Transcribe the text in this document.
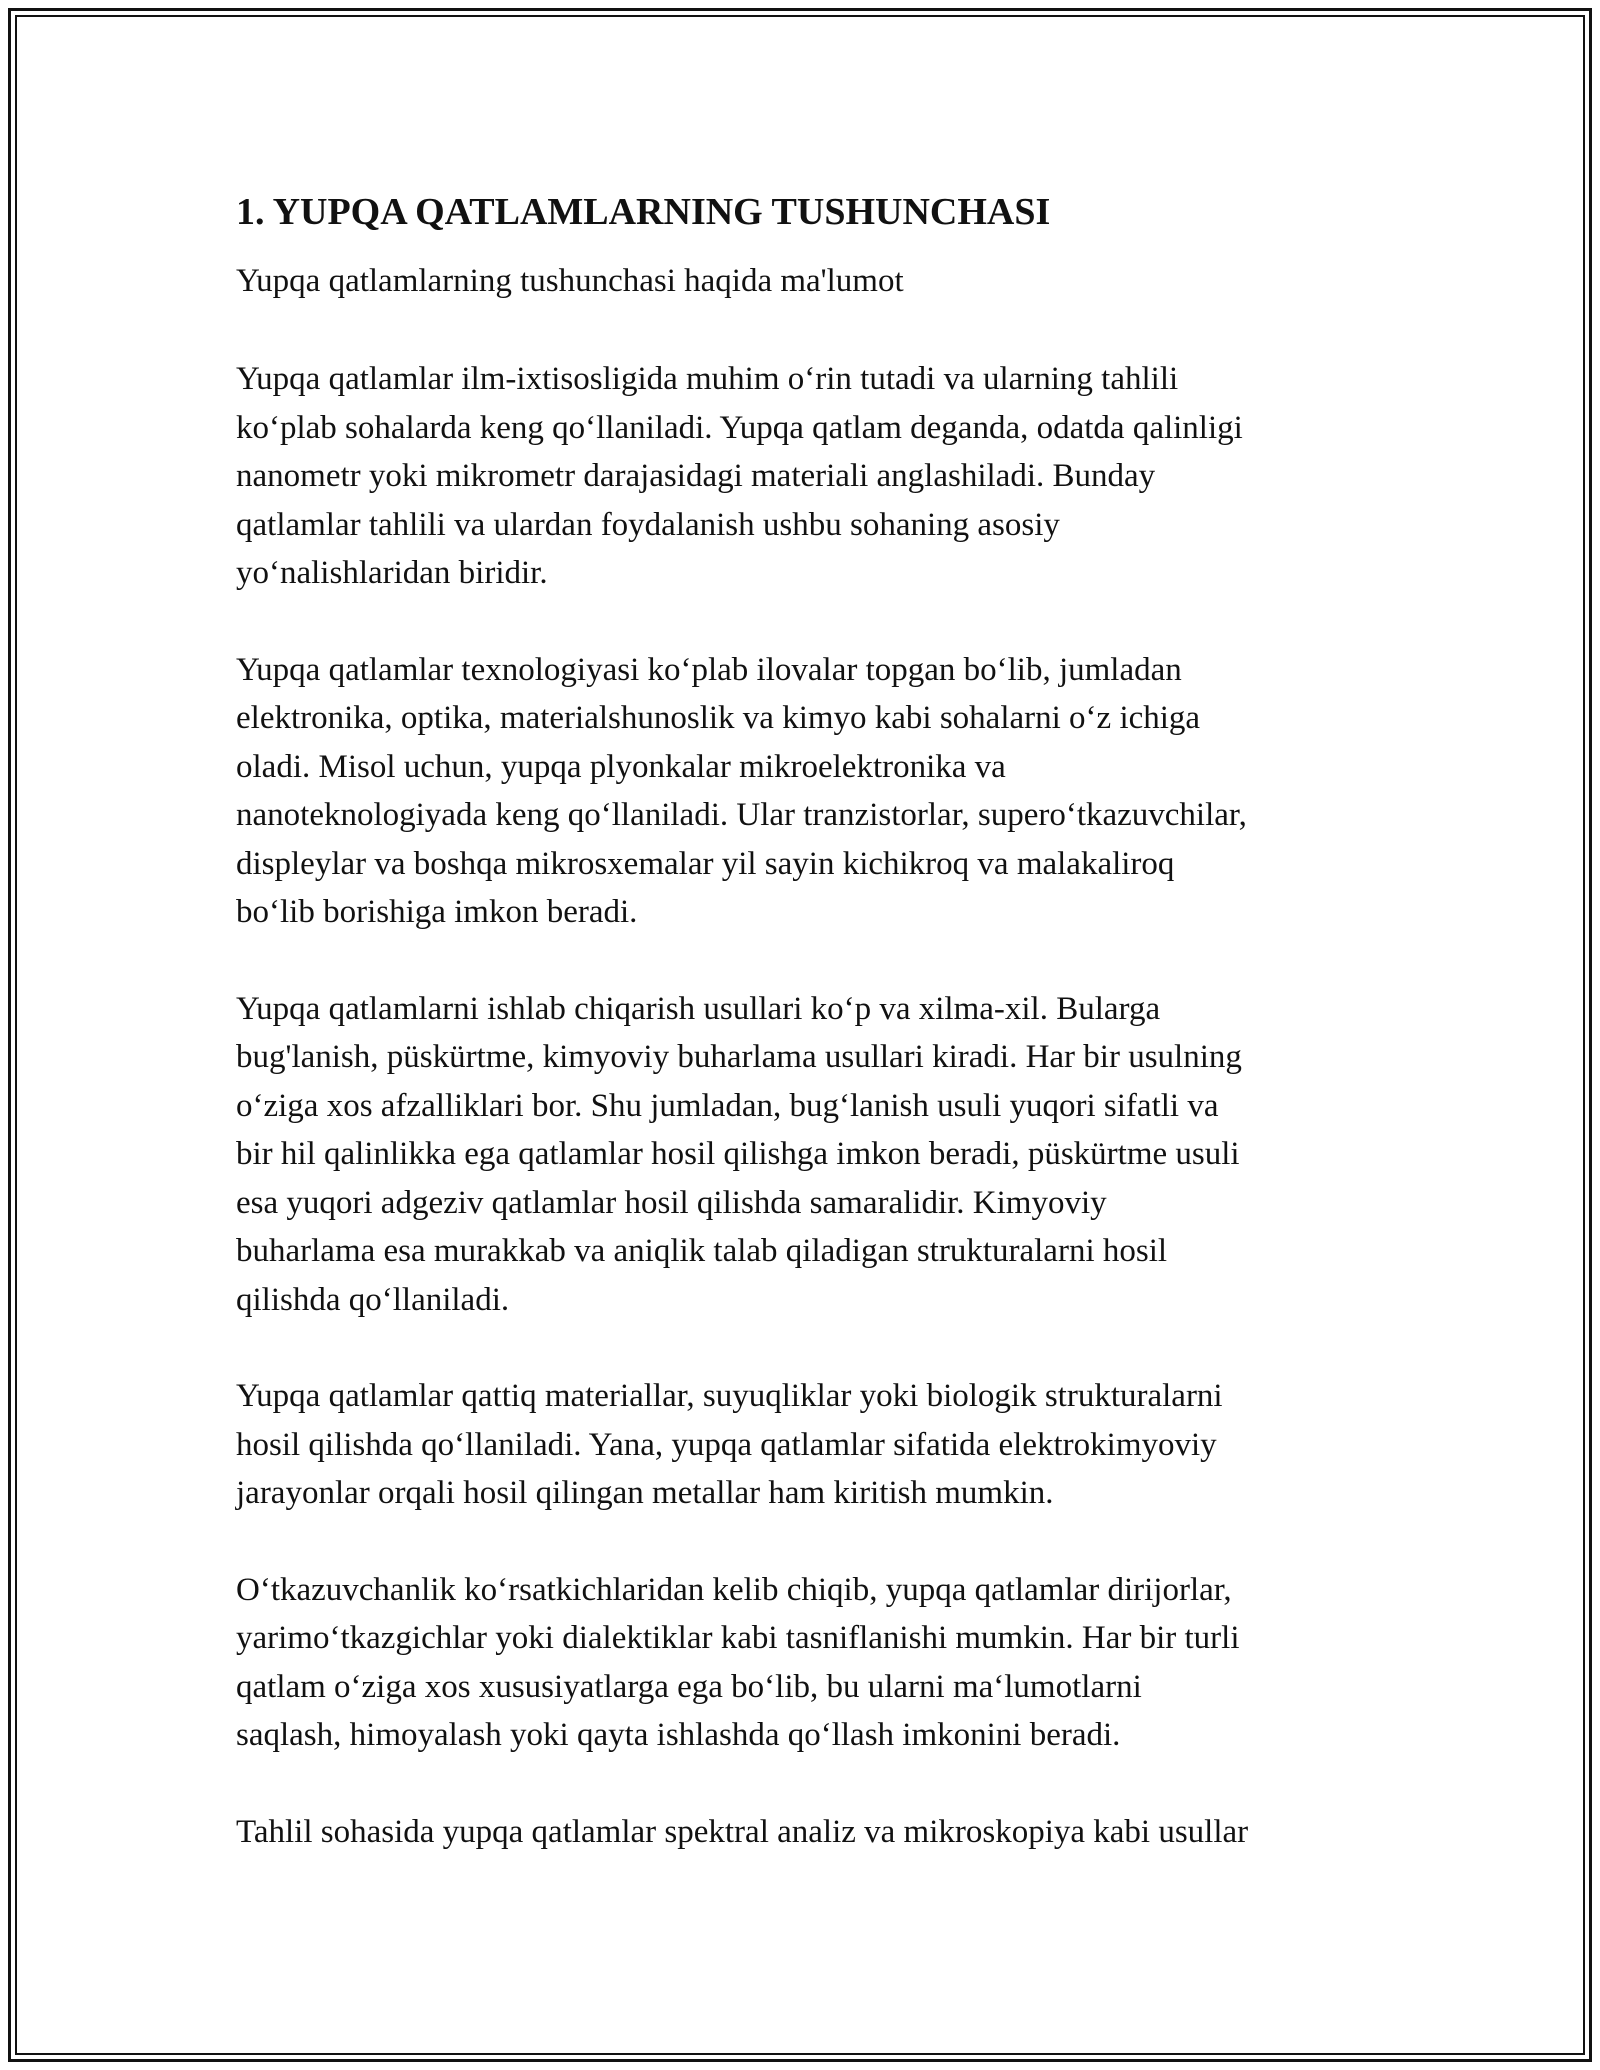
1. YUPQA QATLAMLARNING TUSHUNCHASI
Yupqa qatlamlarning tushunchasi haqida ma'lumot
Yupqa qatlamlar ilm-ixtisosligida muhim o‘rin tutadi va ularning tahlili
ko‘plab sohalarda keng qo‘llaniladi. Yupqa qatlam deganda, odatda qalinligi
nanometr yoki mikrometr darajasidagi materiali anglashiladi. Bunday
qatlamlar tahlili va ulardan foydalanish ushbu sohaning asosiy
yo‘nalishlaridan biridir.
Yupqa qatlamlar texnologiyasi ko‘plab ilovalar topgan bo‘lib, jumladan
elektronika, optika, materialshunoslik va kimyo kabi sohalarni o‘z ichiga
oladi. Misol uchun, yupqa plyonkalar mikroelektronika va
nanoteknologiyada keng qo‘llaniladi. Ular tranzistorlar, supero‘tkazuvchilar,
displeylar va boshqa mikrosxemalar yil sayin kichikroq va malakaliroq
bo‘lib borishiga imkon beradi.
Yupqa qatlamlarni ishlab chiqarish usullari ko‘p va xilma-xil. Bularga
bug'lanish, püskürtme, kimyoviy buharlama usullari kiradi. Har bir usulning
o‘ziga xos afzalliklari bor. Shu jumladan, bug‘lanish usuli yuqori sifatli va
bir hil qalinlikka ega qatlamlar hosil qilishga imkon beradi, püskürtme usuli
esa yuqori adgeziv qatlamlar hosil qilishda samaralidir. Kimyoviy
buharlama esa murakkab va aniqlik talab qiladigan strukturalarni hosil
qilishda qo‘llaniladi.
Yupqa qatlamlar qattiq materiallar, suyuqliklar yoki biologik strukturalarni
hosil qilishda qo‘llaniladi. Yana, yupqa qatlamlar sifatida elektrokimyoviy
jarayonlar orqali hosil qilingan metallar ham kiritish mumkin.
O‘tkazuvchanlik ko‘rsatkichlaridan kelib chiqib, yupqa qatlamlar dirijorlar,
yarimo‘tkazgichlar yoki dialektiklar kabi tasniflanishi mumkin. Har bir turli
qatlam o‘ziga xos xususiyatlarga ega bo‘lib, bu ularni ma‘lumotlarni
saqlash, himoyalash yoki qayta ishlashda qo‘llash imkonini beradi.
Tahlil sohasida yupqa qatlamlar spektral analiz va mikroskopiya kabi usullar
